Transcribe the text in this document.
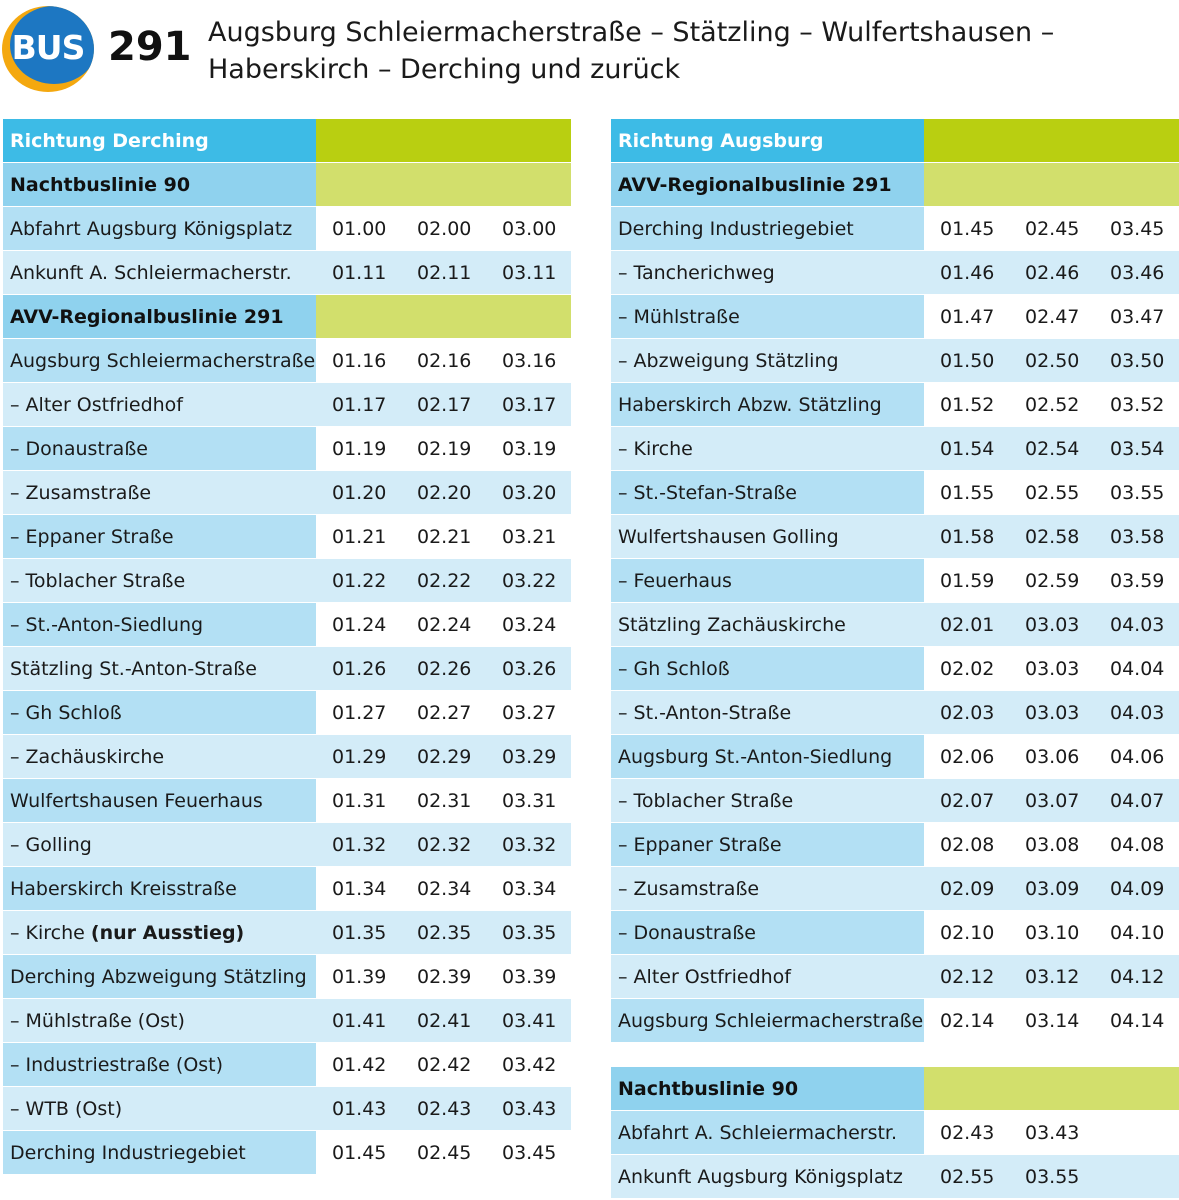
BUS 291 Augsburg Schleiermacherstraße – Stätzling – Wulfertshausen –
Haberskirch – Derching und zurück
Richtung Derching			
Nachtbuslinie 90			
Abfahrt Augsburg Königsplatz	01.00	02.00	03.00
Ankunft A. Schleiermacherstr.	01.11	02.11	03.11
AVV-Regionalbuslinie 291			
Augsburg Schleiermacherstraße	01.16	02.16	03.16
– Alter Ostfriedhof	01.17	02.17	03.17
– Donaustraße	01.19	02.19	03.19
– Zusamstraße	01.20	02.20	03.20
– Eppaner Straße	01.21	02.21	03.21
– Toblacher Straße	01.22	02.22	03.22
– St.-Anton-Siedlung	01.24	02.24	03.24
Stätzling St.-Anton-Straße	01.26	02.26	03.26
– Gh Schloß	01.27	02.27	03.27
– Zachäuskirche	01.29	02.29	03.29
Wulfertshausen Feuerhaus	01.31	02.31	03.31
– Golling	01.32	02.32	03.32
Haberskirch Kreisstraße	01.34	02.34	03.34
– Kirche (nur Ausstieg)	01.35	02.35	03.35
Derching Abzweigung Stätzling	01.39	02.39	03.39
– Mühlstraße (Ost)	01.41	02.41	03.41
– Industriestraße (Ost)	01.42	02.42	03.42
– WTB (Ost)	01.43	02.43	03.43
Derching Industriegebiet	01.45	02.45	03.45
Richtung Augsburg			
AVV-Regionalbuslinie 291			
Derching Industriegebiet	01.45	02.45	03.45
– Tancherichweg	01.46	02.46	03.46
– Mühlstraße	01.47	02.47	03.47
– Abzweigung Stätzling	01.50	02.50	03.50
Haberskirch Abzw. Stätzling	01.52	02.52	03.52
– Kirche	01.54	02.54	03.54
– St.-Stefan-Straße	01.55	02.55	03.55
Wulfertshausen Golling	01.58	02.58	03.58
– Feuerhaus	01.59	02.59	03.59
Stätzling Zachäuskirche	02.01	03.03	04.03
– Gh Schloß	02.02	03.03	04.04
– St.-Anton-Straße	02.03	03.03	04.03
Augsburg St.-Anton-Siedlung	02.06	03.06	04.06
– Toblacher Straße	02.07	03.07	04.07
– Eppaner Straße	02.08	03.08	04.08
– Zusamstraße	02.09	03.09	04.09
– Donaustraße	02.10	03.10	04.10
– Alter Ostfriedhof	02.12	03.12	04.12
Augsburg Schleiermacherstraße	02.14	03.14	04.14
Nachtbuslinie 90			
Abfahrt A. Schleiermacherstr.	02.43	03.43	
Ankunft Augsburg Königsplatz	02.55	03.55	
